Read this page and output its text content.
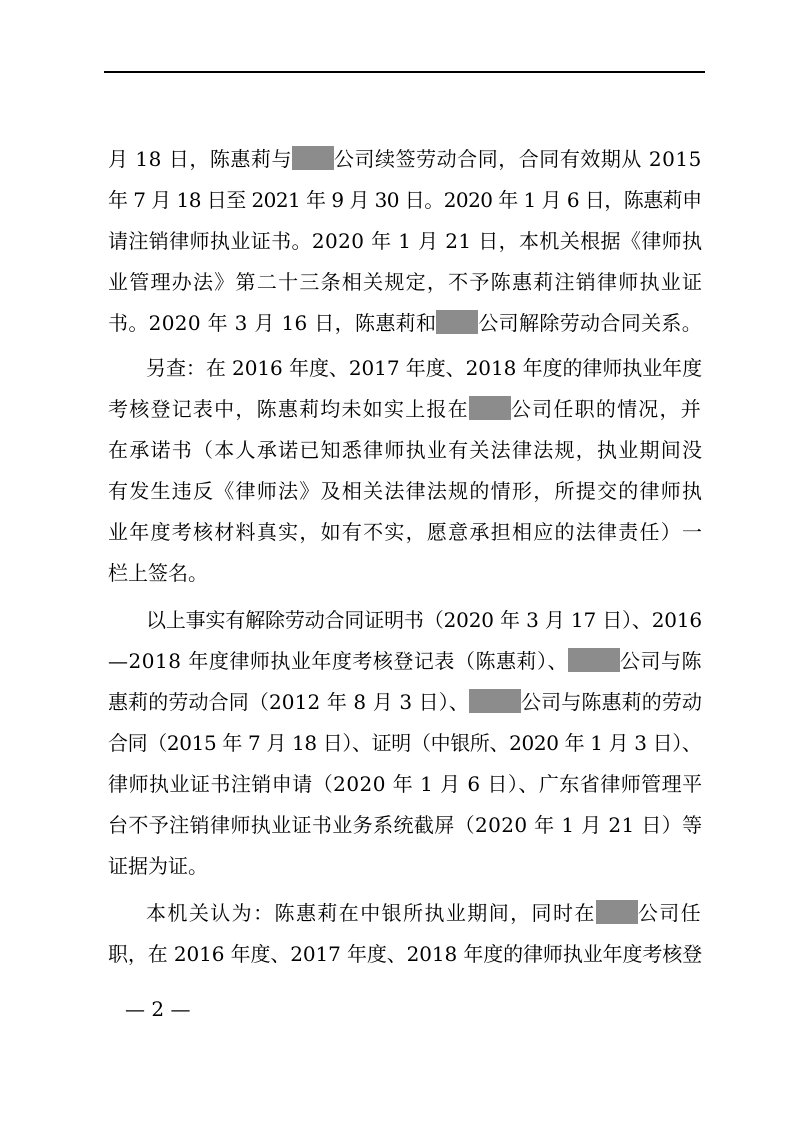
月 18 日，陈惠莉与 公司续签劳动合同，合同有效期从 2015
年 7 月 18 日至 2021 年 9 月 30 日。2020 年 1 月 6 日，陈惠莉申
请注销律师执业证书。2020 年 1 月 21 日，本机关根据《律师执
业管理办法》第二十三条相关规定，不予陈惠莉注销律师执业证
书。2020 年 3 月 16 日，陈惠莉和 公司解除劳动合同关系。
另查：在 2016 年度、2017 年度、2018 年度的律师执业年度
考核登记表中，陈惠莉均未如实上报在 公司任职的情况，并
在承诺书（本人承诺已知悉律师执业有关法律法规，执业期间没
有发生违反《律师法》及相关法律法规的情形，所提交的律师执
业年度考核材料真实，如有不实，愿意承担相应的法律责任）一
栏上签名。
以上事实有解除劳动合同证明书（2020 年 3 月 17 日）、2016
—2018 年度律师执业年度考核登记表（陈惠莉）、	公司与陈
惠莉的劳动合同（2012 年 8 月 3 日）、	公司与陈惠莉的劳动
合同（2015 年 7 月 18 日）、证明（中银所、2020 年 1 月 3 日）、
律师执业证书注销申请（2020 年 1 月 6 日）、广东省律师管理平
台不予注销律师执业证书业务系统截屏（2020 年 1 月 21 日）等
证据为证。
本机关认为：陈惠莉在中银所执业期间，同时在 公司任
职，在 2016 年度、2017 年度、2018 年度的律师执业年度考核登
— 2 —
